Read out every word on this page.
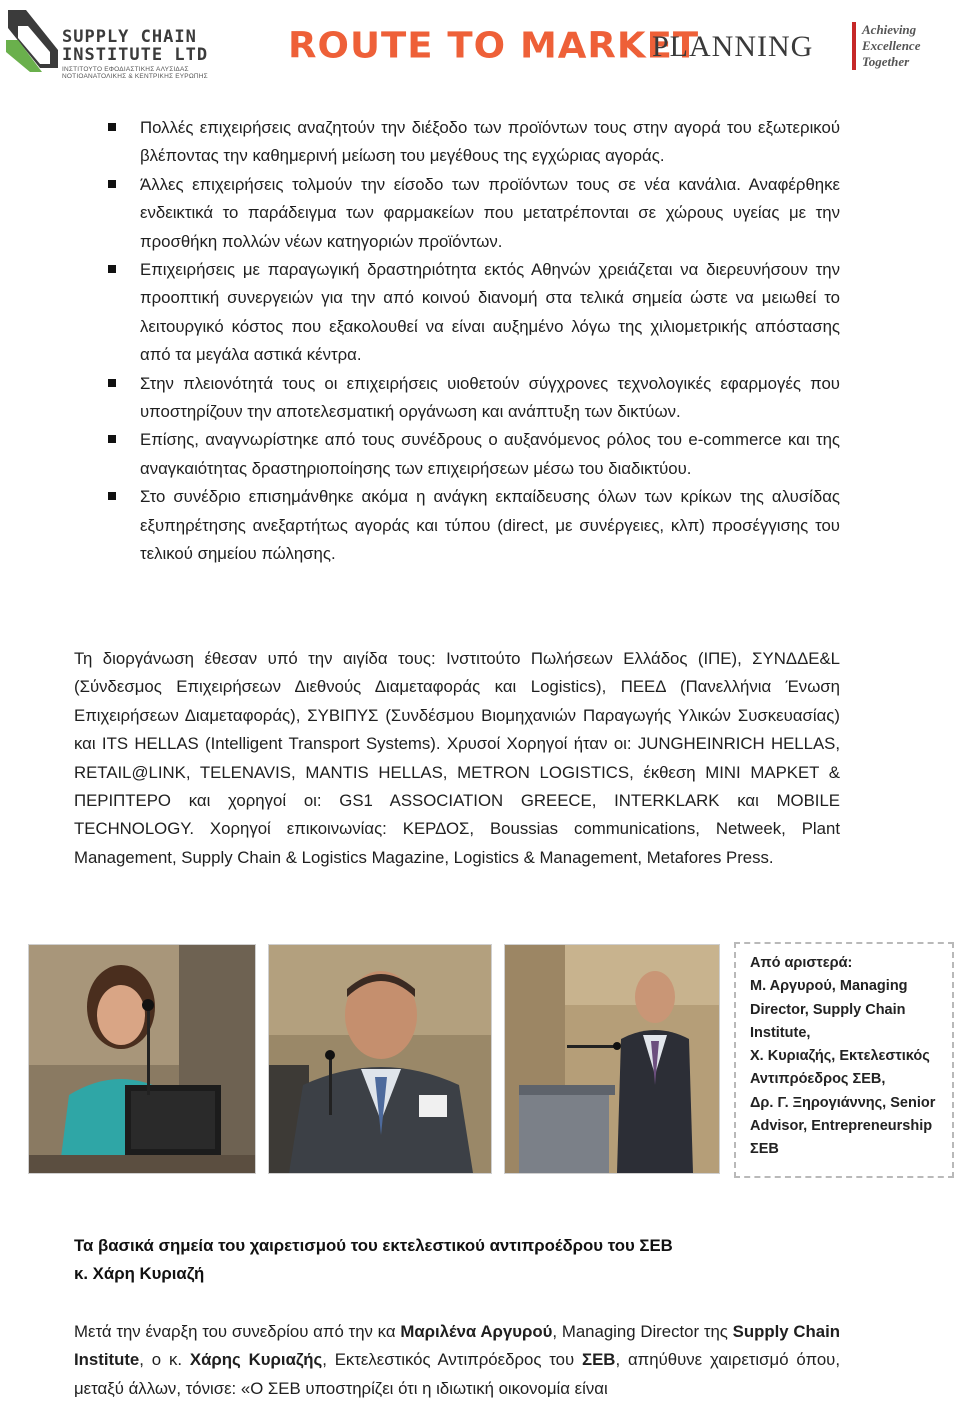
SUPPLY CHAIN
INSTITUTE LTD
ΙΝΣΤΙΤΟΥΤΟ ΕΦΟΔΙΑΣΤΙΚΗΣ ΑΛΥΣΙΔΑΣ ΝΟΤΙΟΑΝΑΤΟΛΙΚΗΣ & ΚΕΝΤΡΙΚΗΣ ΕΥΡΩΠΗΣ
ROUTE TO MARKET
PLANNING
Achieving
Excellence
Together
Πολλές επιχειρήσεις αναζητούν την διέξοδο των προϊόντων τους στην αγορά του εξωτερικού βλέποντας την καθημερινή μείωση του μεγέθους της εγχώριας αγοράς.
Άλλες επιχειρήσεις τολμούν την είσοδο των προϊόντων τους σε νέα κανάλια. Αναφέρθηκε ενδεικτικά το παράδειγμα των φαρμακείων που μετατρέπονται σε χώρους υγείας με την προσθήκη πολλών νέων κατηγοριών προϊόντων.
Επιχειρήσεις με παραγωγική δραστηριότητα εκτός Αθηνών χρειάζεται να διερευνήσουν την προοπτική συνεργειών για την από κοινού διανομή στα τελικά σημεία ώστε να μειωθεί το λειτουργικό κόστος που εξακολουθεί να είναι αυξημένο λόγω της χιλιομετρικής απόστασης από τα μεγάλα αστικά κέντρα.
Στην πλειονότητά τους οι επιχειρήσεις υιοθετούν σύγχρονες τεχνολογικές εφαρμογές που υποστηρίζουν την αποτελεσματική οργάνωση και ανάπτυξη των δικτύων.
Επίσης, αναγνωρίστηκε από τους συνέδρους ο αυξανόμενος ρόλος του e-commerce και της αναγκαιότητας δραστηριοποίησης των επιχειρήσεων μέσω του διαδικτύου.
Στο συνέδριο επισημάνθηκε ακόμα η ανάγκη εκπαίδευσης όλων των κρίκων της αλυσίδας εξυπηρέτησης ανεξαρτήτως αγοράς και τύπου (direct, με συνέργειες, κλπ) προσέγγισης του τελικού σημείου πώλησης.

Τη διοργάνωση έθεσαν υπό την αιγίδα τους: Ινστιτούτο Πωλήσεων Ελλάδος (ΙΠΕ), ΣΥΝΔΔΕ&L (Σύνδεσμος Επιχειρήσεων Διεθνούς Διαμεταφοράς και Logistics), ΠΕΕΔ (Πανελλήνια Ένωση Επιχειρήσεων Διαμεταφοράς), ΣΥΒΙΠΥΣ (Συνδέσμου Βιομηχανιών Παραγωγής Υλικών Συσκευασίας) και ITS HELLAS (Intelligent Transport Systems). Χρυσοί Χορηγοί ήταν οι: JUNGHEINRICH HELLAS, RETAIL@LINK, TELENAVIS, MANTIS HELLAS, METRON LOGISTICS, έκθεση MINI MAPKET & ΠΕΡΙΠΤΕΡΟ και χορηγοί οι: GS1 ASSOCIATION GREECE, INTERKLARK και MOBILE TECHNOLOGY. Χορηγοί επικοινωνίας: ΚΕΡΔΟΣ, Boussias communications, Netweek, Plant Management, Supply Chain & Logistics Magazine, Logistics & Management, Metafores Press.

Από αριστερά:
Μ. Αργυρού, Managing
Director, Supply Chain
Institute,
Χ. Κυριαζής, Εκτελεστικός
Αντιπρόεδρος ΣΕΒ,
Δρ. Γ. Ξηρογιάννης, Senior
Advisor, Entrepreneurship
ΣΕΒ
Τα βασικά σημεία του χαιρετισμού του εκτελεστικού αντιπροέδρου του ΣΕΒ
κ. Χάρη Κυριαζή

Μετά την έναρξη του συνεδρίου από την κα Μαριλένα Αργυρού, Managing Director της Supply Chain Institute, ο κ. Χάρης Κυριαζής, Εκτελεστικός Αντιπρόεδρος του ΣΕΒ, απηύθυνε χαιρετισμό όπου, μεταξύ άλλων, τόνισε: «Ο ΣΕΒ υποστηρίζει ότι η ιδιωτική οικονομία είναι
